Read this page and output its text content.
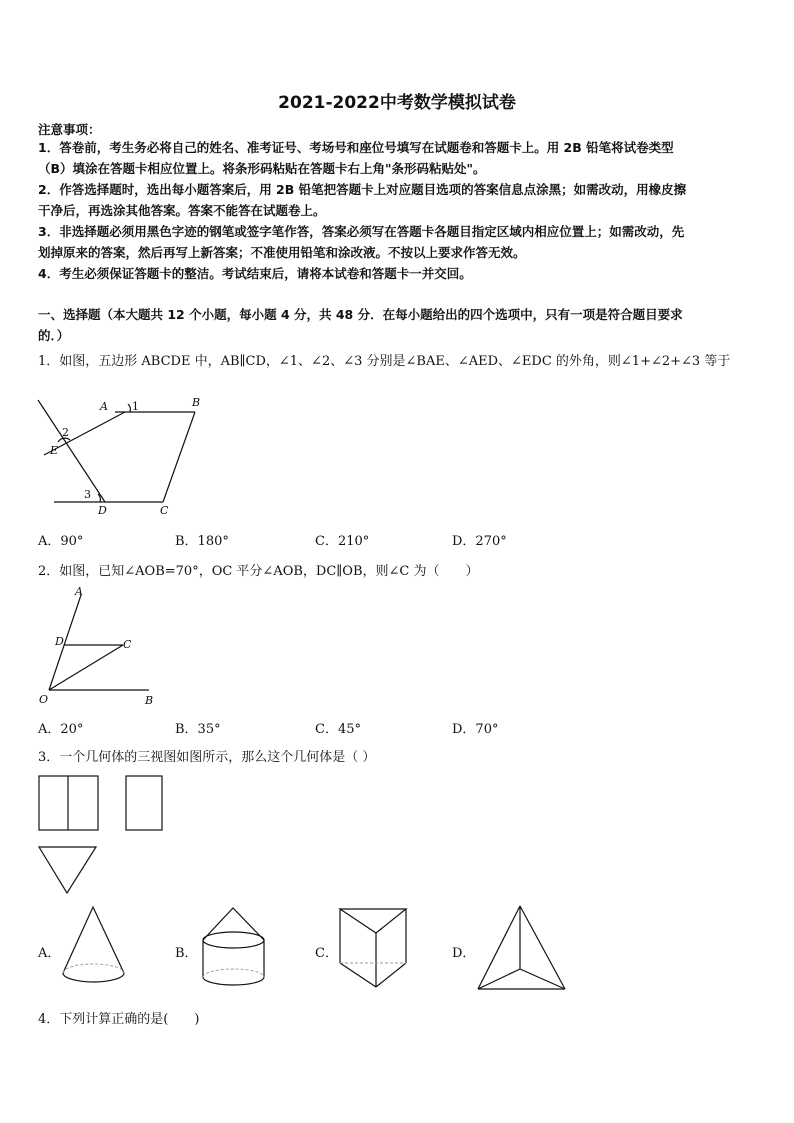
2021-2022中考数学模拟试卷
注意事项：
1．答卷前，考生务必将自己的姓名、准考证号、考场号和座位号填写在试题卷和答题卡上。用 2B 铅笔将试卷类型
（B）填涂在答题卡相应位置上。将条形码粘贴在答题卡右上角"条形码粘贴处"。
2．作答选择题时，选出每小题答案后，用 2B 铅笔把答题卡上对应题目选项的答案信息点涂黑；如需改动，用橡皮擦
干净后，再选涂其他答案。答案不能答在试题卷上。
3．非选择题必须用黑色字迹的钢笔或签字笔作答，答案必须写在答题卡各题目指定区域内相应位置上；如需改动，先
划掉原来的答案，然后再写上新答案；不准使用铅笔和涂改液。不按以上要求作答无效。
4．考生必须保证答题卡的整洁。考试结束后，请将本试卷和答题卡一并交回。
一、选择题（本大题共 12 个小题，每小题 4 分，共 48 分．在每小题给出的四个选项中，只有一项是符合题目要求
的．）
1．如图，五边形 ABCDE 中，AB∥CD，∠1、∠2、∠3 分别是∠BAE、∠AED、∠EDC 的外角，则∠1+∠2+∠3 等于
A	B
C
D
E
1
2
3
A．90°	B．180°	C．210°	D．270°
2．如图，已知∠AOB=70°，OC 平分∠AOB，DC∥OB，则∠C 为（　　）
A
D	C
O	B
A．20°	B．35°	C．45°	D．70°
3．一个几何体的三视图如图所示，那么这个几何体是（ ）
A．	B．	C．	D．
4．下列计算正确的是(　　)
